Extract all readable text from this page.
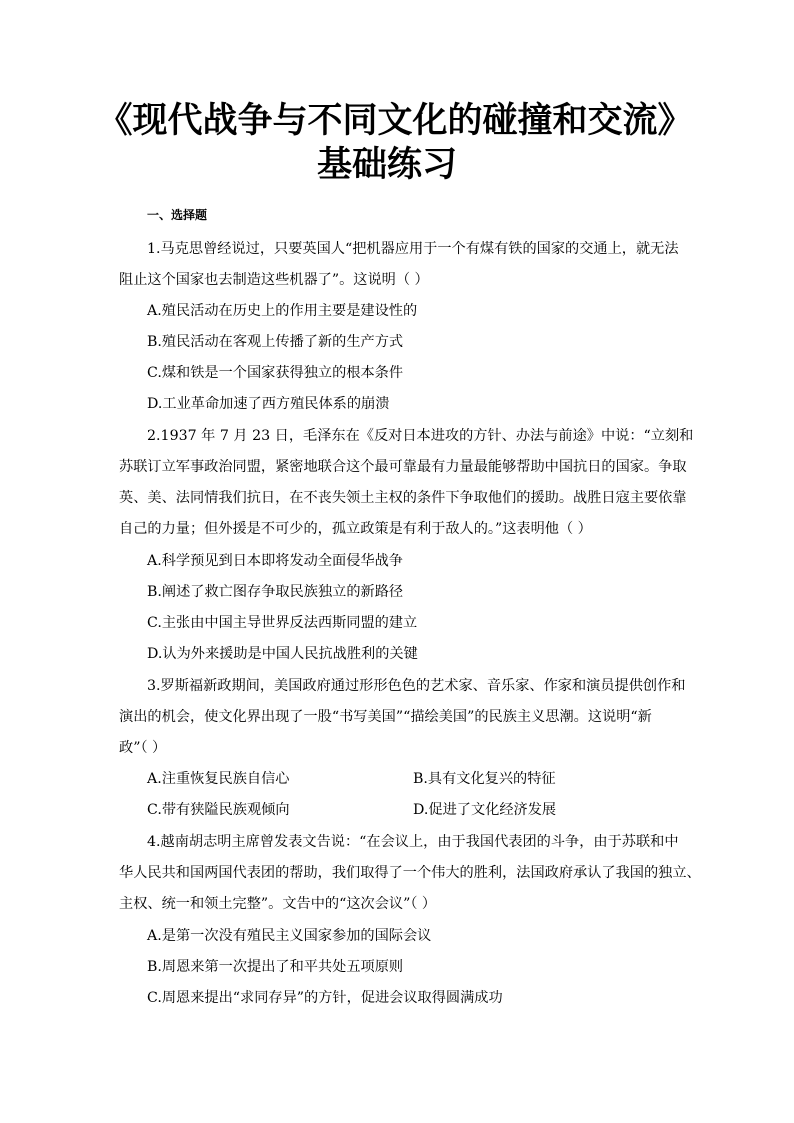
《现代战争与不同文化的碰撞和交流》
基础练习

一、选择题

1.马克思曾经说过，只要英国人“把机器应用于一个有煤有铁的国家的交通上，就无法

阻止这个国家也去制造这些机器了”。这说明（ ）

A.殖民活动在历史上的作用主要是建设性的

B.殖民活动在客观上传播了新的生产方式

C.煤和铁是一个国家获得独立的根本条件

D.工业革命加速了西方殖民体系的崩溃

2.1937 年 7 月 23 日，毛泽东在《反对日本进攻的方针、办法与前途》中说：“立刻和

苏联订立军事政治同盟，紧密地联合这个最可靠最有力量最能够帮助中国抗日的国家。争取

英、美、法同情我们抗日，在不丧失领土主权的条件下争取他们的援助。战胜日寇主要依靠

自己的力量；但外援是不可少的，孤立政策是有利于敌人的。”这表明他（ ）

A.科学预见到日本即将发动全面侵华战争

B.阐述了救亡图存争取民族独立的新路径

C.主张由中国主导世界反法西斯同盟的建立

D.认为外来援助是中国人民抗战胜利的关键

3.罗斯福新政期间，美国政府通过形形色色的艺术家、音乐家、作家和演员提供创作和

演出的机会，使文化界出现了一股“书写美国”“描绘美国”的民族主义思潮。这说明“新

政”（ ）

A.注重恢复民族自信心	B.具有文化复兴的特征

C.带有狭隘民族观倾向	D.促进了文化经济发展

4.越南胡志明主席曾发表文告说：“在会议上，由于我国代表团的斗争，由于苏联和中

华人民共和国两国代表团的帮助，我们取得了一个伟大的胜利，法国政府承认了我国的独立、

主权、统一和领土完整”。文告中的“这次会议”（ ）

A.是第一次没有殖民主义国家参加的国际会议

B.周恩来第一次提出了和平共处五项原则

C.周恩来提出“求同存异”的方针，促进会议取得圆满成功
